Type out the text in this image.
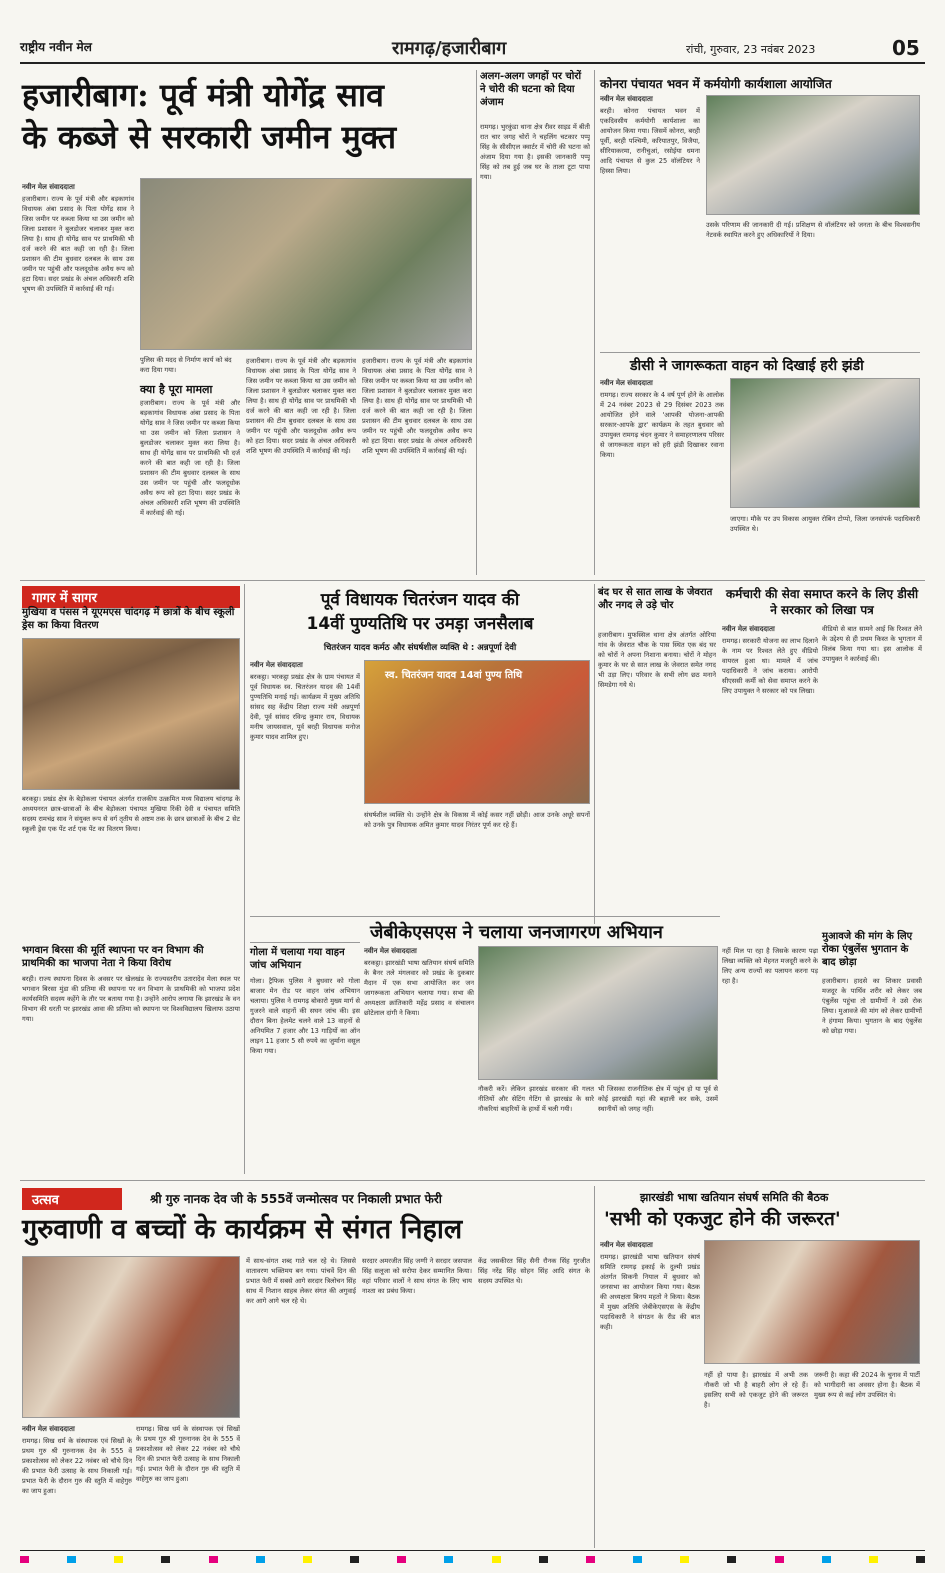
राष्ट्रीय नवीन मेल	रामगढ़/हजारीबाग	रांची, गुरुवार, 23 नवंबर 2023	05
हजारीबाग: पूर्व मंत्री योगेंद्र साव
के कब्जे से सरकारी जमीन मुक्त
नवीन मेल संवाददाता
हजारीबाग। राज्य के पूर्व मंत्री और बड़कागांव विधायक अंबा प्रसाद के पिता योगेंद्र साव ने जिस जमीन पर कब्जा किया था उस जमीन को जिला प्रशासन ने बुलडोजर चलाकर मुक्त करा लिया है। साथ ही योगेंद्र साव पर प्राथमिकी भी दर्ज करने की बात कही जा रही है। जिला प्रशासन की टीम बुधवार दलबल के साथ उस जमीन पर पहुंची और फलदूधोक अवैध रूप को हटा दिया। सदर प्रखंड के अंचल अधिकारी शशि भूषण की उपस्थिति में कार्रवाई की गई।
पुलिस की मदद से निर्माण कार्य को बंद करा दिया गया।
क्या है पूरा मामला
हजारीबाग। राज्य के पूर्व मंत्री और बड़कागांव विधायक अंबा प्रसाद के पिता योगेंद्र साव ने जिस जमीन पर कब्जा किया था उस जमीन को जिला प्रशासन ने बुलडोजर चलाकर मुक्त करा लिया है। साथ ही योगेंद्र साव पर प्राथमिकी भी दर्ज करने की बात कही जा रही है। जिला प्रशासन की टीम बुधवार दलबल के साथ उस जमीन पर पहुंची और फलदूधोक अवैध रूप को हटा दिया। सदर प्रखंड के अंचल अधिकारी शशि भूषण की उपस्थिति में कार्रवाई की गई।
हजारीबाग। राज्य के पूर्व मंत्री और बड़कागांव विधायक अंबा प्रसाद के पिता योगेंद्र साव ने जिस जमीन पर कब्जा किया था उस जमीन को जिला प्रशासन ने बुलडोजर चलाकर मुक्त करा लिया है। साथ ही योगेंद्र साव पर प्राथमिकी भी दर्ज करने की बात कही जा रही है। जिला प्रशासन की टीम बुधवार दलबल के साथ उस जमीन पर पहुंची और फलदूधोक अवैध रूप को हटा दिया। सदर प्रखंड के अंचल अधिकारी शशि भूषण की उपस्थिति में कार्रवाई की गई।
हजारीबाग। राज्य के पूर्व मंत्री और बड़कागांव विधायक अंबा प्रसाद के पिता योगेंद्र साव ने जिस जमीन पर कब्जा किया था उस जमीन को जिला प्रशासन ने बुलडोजर चलाकर मुक्त करा लिया है। साथ ही योगेंद्र साव पर प्राथमिकी भी दर्ज करने की बात कही जा रही है। जिला प्रशासन की टीम बुधवार दलबल के साथ उस जमीन पर पहुंची और फलदूधोक अवैध रूप को हटा दिया। सदर प्रखंड के अंचल अधिकारी शशि भूषण की उपस्थिति में कार्रवाई की गई।
अलग-अलग जगहों पर चोरों ने चोरी की घटना को दिया अंजाम
रामगढ़। भुरकुंडा थाना क्षेत्र रीवर साइड में बीती रात चार जगह चोरों ने चहलिंग चटकार पप्पू सिंह के सीसीएल क्वार्टर में चोरी की घटना को अंजाम दिया गया है। इसकी जानकारी पप्पू सिंह को तब हुई जब घर के ताला टूटा पाया गया।
कोनरा पंचायत भवन में कर्मयोगी कार्यशाला आयोजित
नवीन मेल संवाददाता
बरही। कोनरा पंचायत भवन में एकदिवसीय कर्मयोगी कार्यशाला का आयोजन किया गया। जिसमें कोनरा, बरही पूर्वी, बरही पश्चिमी, करियातपुर, विजैया, सीरियाकरमा, रानीचुआं, रसोईया धमना आदि पंचायत से कुल 25 वॉलंटियर ने हिस्सा लिया।
उसके परिणाम की जानकारी दी गई। प्रशिक्षण से वॉलंटियर को जनता के बीच विश्वसनीय नेटवर्क स्थापित करने हुए अधिकारियों ने दिया।
डीसी ने जागरूकता वाहन को दिखाई हरी झंडी
नवीन मेल संवाददाता
रामगढ़। राज्य सरकार के 4 वर्ष पूर्ण होने के आलोक में 24 नवंबर 2023 से 29 दिसंबर 2023 तक आयोजित होने वाले 'आपकी योजना-आपकी सरकार-आपके द्वार' कार्यक्रम के तहत बुधवार को उपायुक्त रामगढ़ चंदन कुमार ने समाहरणालय परिसर से जागरूकता वाहन को हरी झंडी दिखाकर रवाना किया।
जाएगा। मौके पर उप विकास आयुक्त रोबिन टोप्पो, जिला जनसंपर्क पदाधिकारी उपस्थित थे।
गागर में सागर
मुखिया व पंसस ने यूएमएस चांदगढ़ में छात्रों के बीच स्कूली ड्रेस का किया वितरण
बरकट्ठा। प्रखंड क्षेत्र के बेड़ोकला पंचायत अंतर्गत राजकीय उत्क्रमित मध्य विद्यालय चांदगढ़ के अध्ययनरत छात्र-छात्राओं के बीच बेड़ोकला पंचायत मुखिया रिंकी देवी व पंचायत समिति सदस्य रामचंद्र साव ने संयुक्त रूप से वर्ग तृतीय से अष्टम तक के छात्र छात्राओं के बीच 2 सेट स्कूली ड्रेस एक पेंट शर्ट एक पेंट का वितरण किया।
भगवान बिरसा की मूर्ति स्थापना पर वन विभाग की प्राथमिकी का भाजपा नेता ने किया विरोध
बरही। राज्य स्थापना दिवस के अवसर पर खेलखंड के राज्यस्तरीय उतारादेव मेला स्थल पर भगवान बिरसा मुंडा की प्रतिमा की स्थापना पर वन विभाग के प्राथमिकी को भाजपा प्रदेश कार्यसमिति सदस्य कहेंगे के तौर पर बताया गया है। उन्होंने आरोप लगाया कि झारखंड के वन विभाग की धरती पर झारखंड आवा की प्रतिमा को स्थापना पर विश्वविद्यालय खिलाफ उठाया गया।
पूर्व विधायक चितरंजन यादव की
14वीं पुण्यतिथि पर उमड़ा जनसैलाब
चितरंजन यादव कर्मठ और संघर्षशील व्यक्ति थे : अन्नपूर्णा देवी
नवीन मेल संवाददाता
बरकट्ठा। भरकट्ठा प्रखंड क्षेत्र के ग्राम पंचायत में पूर्व विधायक स्व. चितरंजन यादव की 14वीं पुण्यतिथि मनाई गई। कार्यक्रम में मुख्य अतिथि सांसद सह केंद्रीय शिक्षा राज्य मंत्री अन्नपूर्णा देवी, पूर्व सांसद रविन्द्र कुमार राय, विधायक मनीष जायसवाल, पूर्व बरही विधायक मनोज कुमार यादव शामिल हुए।
स्व. चितरंजन यादव 14वां पुण्य तिथि
संघर्षशील व्यक्ति थे। उन्होंने क्षेत्र के विकास में कोई कसर नहीं छोड़ी। आज उनके अधूरे सपनों को उनके पुत्र विधायक अमित कुमार यादव निरंतर पूर्ण कर रहे हैं।
गोला में चलाया गया वाहन जांच अभियान
गोला। ट्रैफिक पुलिस ने बुधवार को गोला बाजार मेन रोड पर वाहन जांच अभियान चलाया। पुलिस ने रामगढ़ बोकारो मुख्य मार्ग से गुजरने वाले वाहनों की सघन जांच की। इस दौरान बिना हेलमेट चलने वाले 13 वाहनों से अनियमित 7 हजार और 13 गाड़ियों का ऑन लाइन 11 हजार 5 सौ रुपये का जुर्माना वसूल किया गया।
बंद घर से सात लाख के जेवरात और नगद ले उड़े चोर
हजारीबाग। मुफस्सिल थाना क्षेत्र अंतर्गत ओरिया गांव के जेवरात चौक के पास स्थित एक बंद घर को चोरों ने अपना निशाना बनाया। चोरों ने मोहन कुमार के घर से सात लाख के जेवरात समेत नगद भी उड़ा लिए। परिवार के सभी लोग छठ मनाने सिमडेगा गये थे।
कर्मचारी की सेवा समाप्त करने के लिए डीसी ने सरकार को लिखा पत्र
नवीन मेल संवाददाता
रामगढ़। सरकारी योजना का लाभ दिलाने के नाम पर रिश्वत लेते हुए वीडियो वायरल हुआ था। मामले में जांच पदाधिकारी ने जांच कराया। आरोपी सीएससी कर्मी को सेवा समाप्त करने के लिए उपायुक्त ने सरकार को पत्र लिखा।
वीडियो से बात सामने आई कि रिश्वत लेने के उद्देश्य से ही प्रथम किस्त के भुगतान में विलंब किया गया था। इस आलोक में उपायुक्त ने कार्रवाई की।
जेबीकेएसएस ने चलाया जनजागरण अभियान
नवीन मेल संवाददाता
बरकट्ठा। झारखंडी भाषा खतियान संघर्ष समिति के बैनर तले मंगलवार को प्रखंड के दुकबार मैदान में एक सभा आयोजित कर जन जागरूकता अभियान चलाया गया। सभा की अध्यक्षता क्रांतिकारी महेंद्र प्रसाद व संचालन छोटेलाल दांगी ने किया।
नौकरी करें। लेकिन झारखंड सरकार की गलत नीतियों और सेटिंग गेटिंग से झारखंड के सारे नौकरियां बाहरियों के हाथों में चली गयी।
भी जिसका राजनीतिक क्षेत्र में पहुंच हो या पूर्व से कोई झारखंडी यहां की बहाली कर सके, उसमें स्थानीयों को जगह नहीं।
नहीं मिल पा रहा है जिसके कारण पढ़ा लिखा व्यक्ति को मेहनत मजदूरी करने के लिए अन्य राज्यों का पलायन करना पड़ रहा है।
मुआवजे की मांग के लिए रोका एंबुलेंस भुगतान के बाद छोड़ा
हजारीबाग। हादसे का शिकार प्रवासी मजदूर के पार्थिव शरीर को लेकर जब एंबुलेंस पहुंचा तो ग्रामीणों ने उसे रोक लिया। मुआवजे की मांग को लेकर ग्रामीणों ने हंगामा किया। भुगतान के बाद एंबुलेंस को छोड़ा गया।
उत्सव	श्री गुरु नानक देव जी के 555वें जन्मोत्सव पर निकाली प्रभात फेरी
गुरुवाणी व बच्चों के कार्यक्रम से संगत निहाल
नवीन मेल संवाददाता
रामगढ़। सिख धर्म के संस्थापक एवं सिखों के प्रथम गुरु श्री गुरुनानक देव के 555 वें प्रकाशोत्सव को लेकर 22 नवंबर को चौथे दिन की प्रभात फेरी उत्साह के साथ निकाली गई। प्रभात फेरी के दौरान गुरु की स्तुति में वाहेगुरु का जाप हुआ।
रामगढ़। सिख धर्म के संस्थापक एवं सिखों के प्रथम गुरु श्री गुरुनानक देव के 555 वें प्रकाशोत्सव को लेकर 22 नवंबर को चौथे दिन की प्रभात फेरी उत्साह के साथ निकाली गई। प्रभात फेरी के दौरान गुरु की स्तुति में वाहेगुरु का जाप हुआ।
में साथ-संगत शब्द गाते चल रहे थे। जिससे वातावरण भक्तिमय बन गया। पांचवें दिन की प्रभात फेरी में सबसे आगे सरदार त्रिलोचन सिंह साथ में निशान साहब लेकर संगत की अगुवाई कर आगे आगे चल रहे थे।
सरदार अमरजीत सिंह जग्गी ने सरदार जसपाल सिंह सलूजा को सरोपा देकर सम्मानित किया। वहां परिवार वालों ने साथ संगत के लिए चाय नाश्ता का प्रबंध किया।
केंद्र जसकीरत सिंह सैनी रौनक सिंह गुरजीत सिंह नरेंद्र सिंह सोहन सिंह आदि संगत के सदस्य उपस्थित थे।
झारखंडी भाषा खतियान संघर्ष समिति की बैठक
'सभी को एकजुट होने की जरूरत'
नवीन मेल संवाददाता
रामगढ़। झारखंडी भाषा खतियान संघर्ष समिति रामगढ़ इकाई के दुल्मी प्रखंड अंतर्गत सिकनी नियाल में बुधवार को जनसभा का आयोजन किया गया। बैठक की अध्यक्षता बिनय महतो ने किया। बैठक में मुख्य अतिथि जेबीकेएसएस के केंद्रीय पदाधिकारी ने संगठन के रीड की बात कही।
नहीं हो पाया है। झारखंड में अभी तक नौकरी जो भी है बाहरी लोग ले रहे हैं। इसलिए सभी को एकजुट होने की जरूरत है।
जरूरी है। कहा की 2024 के चुनाव में पार्टी को भागीदारी का अवसर होना है। बैठक में मुख्य रूप से कई लोग उपस्थित थे।
